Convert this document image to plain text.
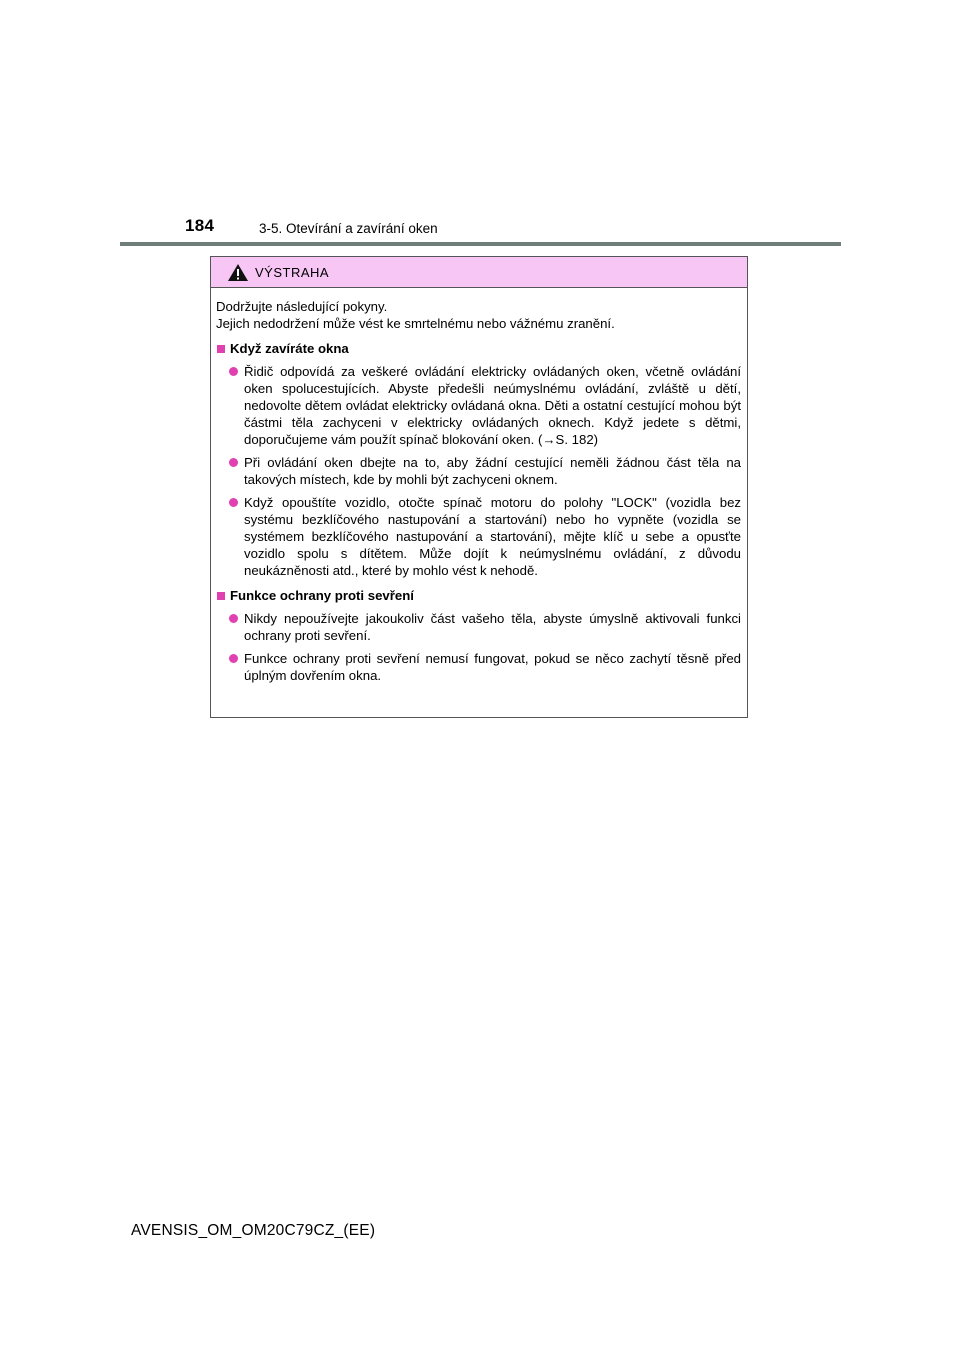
184	3-5. Otevírání a zavírání oken
VÝSTRAHA

Dodržujte následující pokyny.

Jejich nedodržení může vést ke smrtelnému nebo vážnému zranění.

Když zavíráte okna
Řidič odpovídá za veškeré ovládání elektricky ovládaných oken, včetně ovládání oken spolucestujících. Abyste předešli neúmyslnému ovládání, zvláště u dětí, nedovolte dětem ovládat elektricky ovládaná okna. Děti a ostatní cestující mohou být částmi těla zachyceni v elektricky ovládaných oknech. Když jedete s dětmi, doporučujeme vám použít spínač blokování oken. (→S. 182)
Při ovládání oken dbejte na to, aby žádní cestující neměli žádnou část těla na takových místech, kde by mohli být zachyceni oknem.
Když opouštíte vozidlo, otočte spínač motoru do polohy "LOCK" (vozidla bez systému bezklíčového nastupování a startování) nebo ho vypněte (vozidla se systémem bezklíčového nastupování a startování), mějte klíč u sebe a opusťte vozidlo spolu s dítětem. Může dojít k neúmyslnému ovládání, z důvodu neukázněnosti atd., které by mohlo vést k nehodě.
Funkce ochrany proti sevření
Nikdy nepoužívejte jakoukoliv část vašeho těla, abyste úmyslně aktivovali funkci ochrany proti sevření.
Funkce ochrany proti sevření nemusí fungovat, pokud se něco zachytí těsně před úplným dovřením okna.
AVENSIS_OM_OM20C79CZ_(EE)
